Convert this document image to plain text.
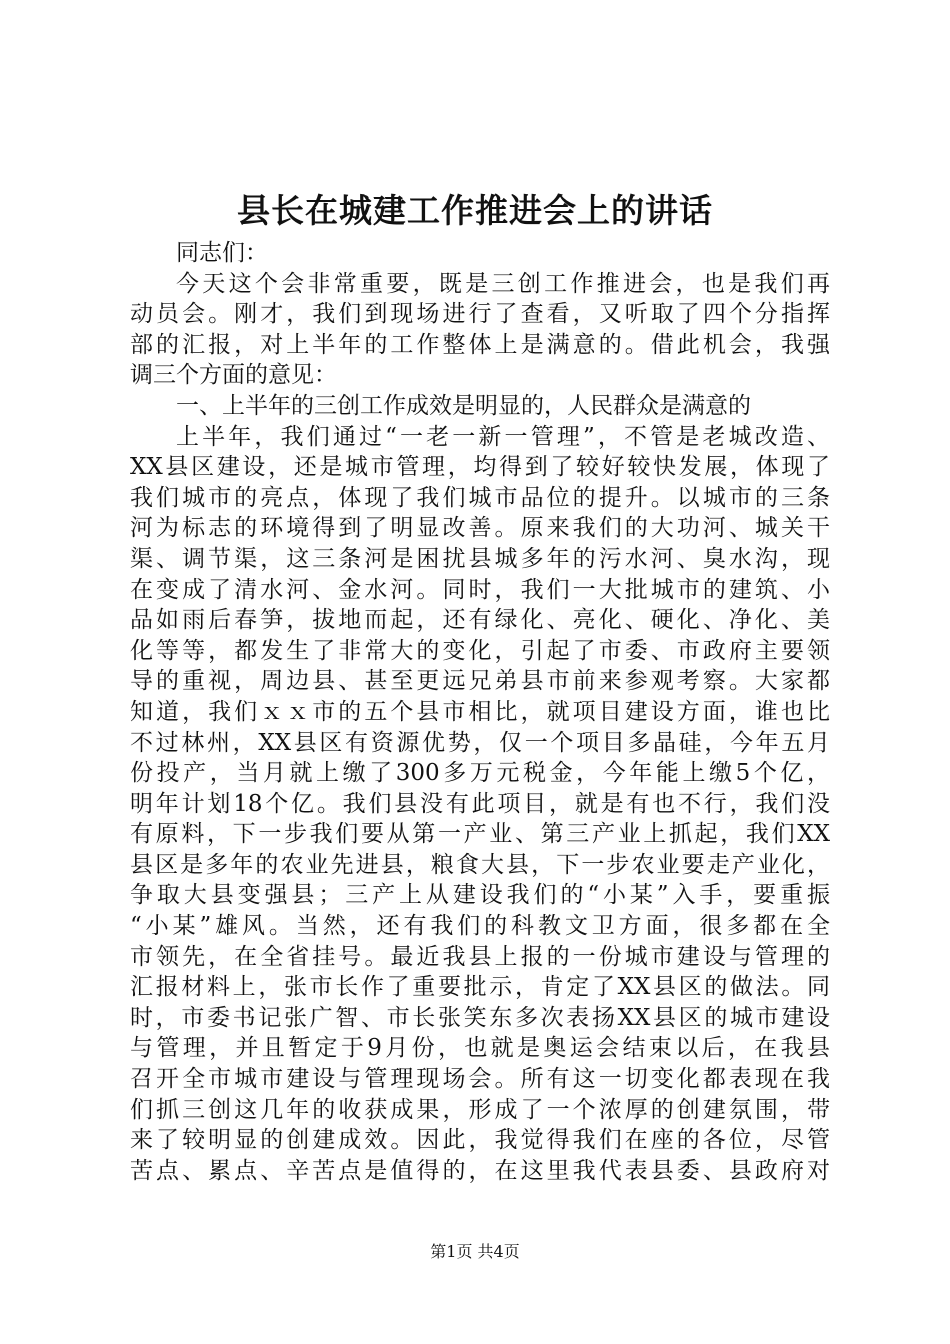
县长在城建工作推进会上的讲话
同志们：
今天这个会非常重要，既是三创工作推进会，也是我们再
动员会。刚才，我们到现场进行了查看，又听取了四个分指挥
部的汇报，对上半年的工作整体上是满意的。借此机会，我强
调三个方面的意见：
一、上半年的三创工作成效是明显的，人民群众是满意的
上半年，我们通过“一老一新一管理”，不管是老城改造、
XX县区建设，还是城市管理，均得到了较好较快发展，体现了
我们城市的亮点，体现了我们城市品位的提升。以城市的三条
河为标志的环境得到了明显改善。原来我们的大功河、城关干
渠、调节渠，这三条河是困扰县城多年的污水河、臭水沟，现
在变成了清水河、金水河。同时，我们一大批城市的建筑、小
品如雨后春笋，拔地而起，还有绿化、亮化、硬化、净化、美
化等等，都发生了非常大的变化，引起了市委、市政府主要领
导的重视，周边县、甚至更远兄弟县市前来参观考察。大家都
知道，我们ｘｘ市的五个县市相比，就项目建设方面，谁也比
不过林州，XX县区有资源优势，仅一个项目多晶硅，今年五月
份投产，当月就上缴了300多万元税金，今年能上缴5个亿，
明年计划18个亿。我们县没有此项目，就是有也不行，我们没
有原料，下一步我们要从第一产业、第三产业上抓起，我们XX
县区是多年的农业先进县，粮食大县，下一步农业要走产业化，
争取大县变强县；三产上从建设我们的“小某”入手，要重振
“小某”雄风。当然，还有我们的科教文卫方面，很多都在全
市领先，在全省挂号。最近我县上报的一份城市建设与管理的
汇报材料上，张市长作了重要批示，肯定了XX县区的做法。同
时，市委书记张广智、市长张笑东多次表扬XX县区的城市建设
与管理，并且暂定于9月份，也就是奥运会结束以后，在我县
召开全市城市建设与管理现场会。所有这一切变化都表现在我
们抓三创这几年的收获成果，形成了一个浓厚的创建氛围，带
来了较明显的创建成效。因此，我觉得我们在座的各位，尽管
苦点、累点、辛苦点是值得的，在这里我代表县委、县政府对
第1页 共4页
